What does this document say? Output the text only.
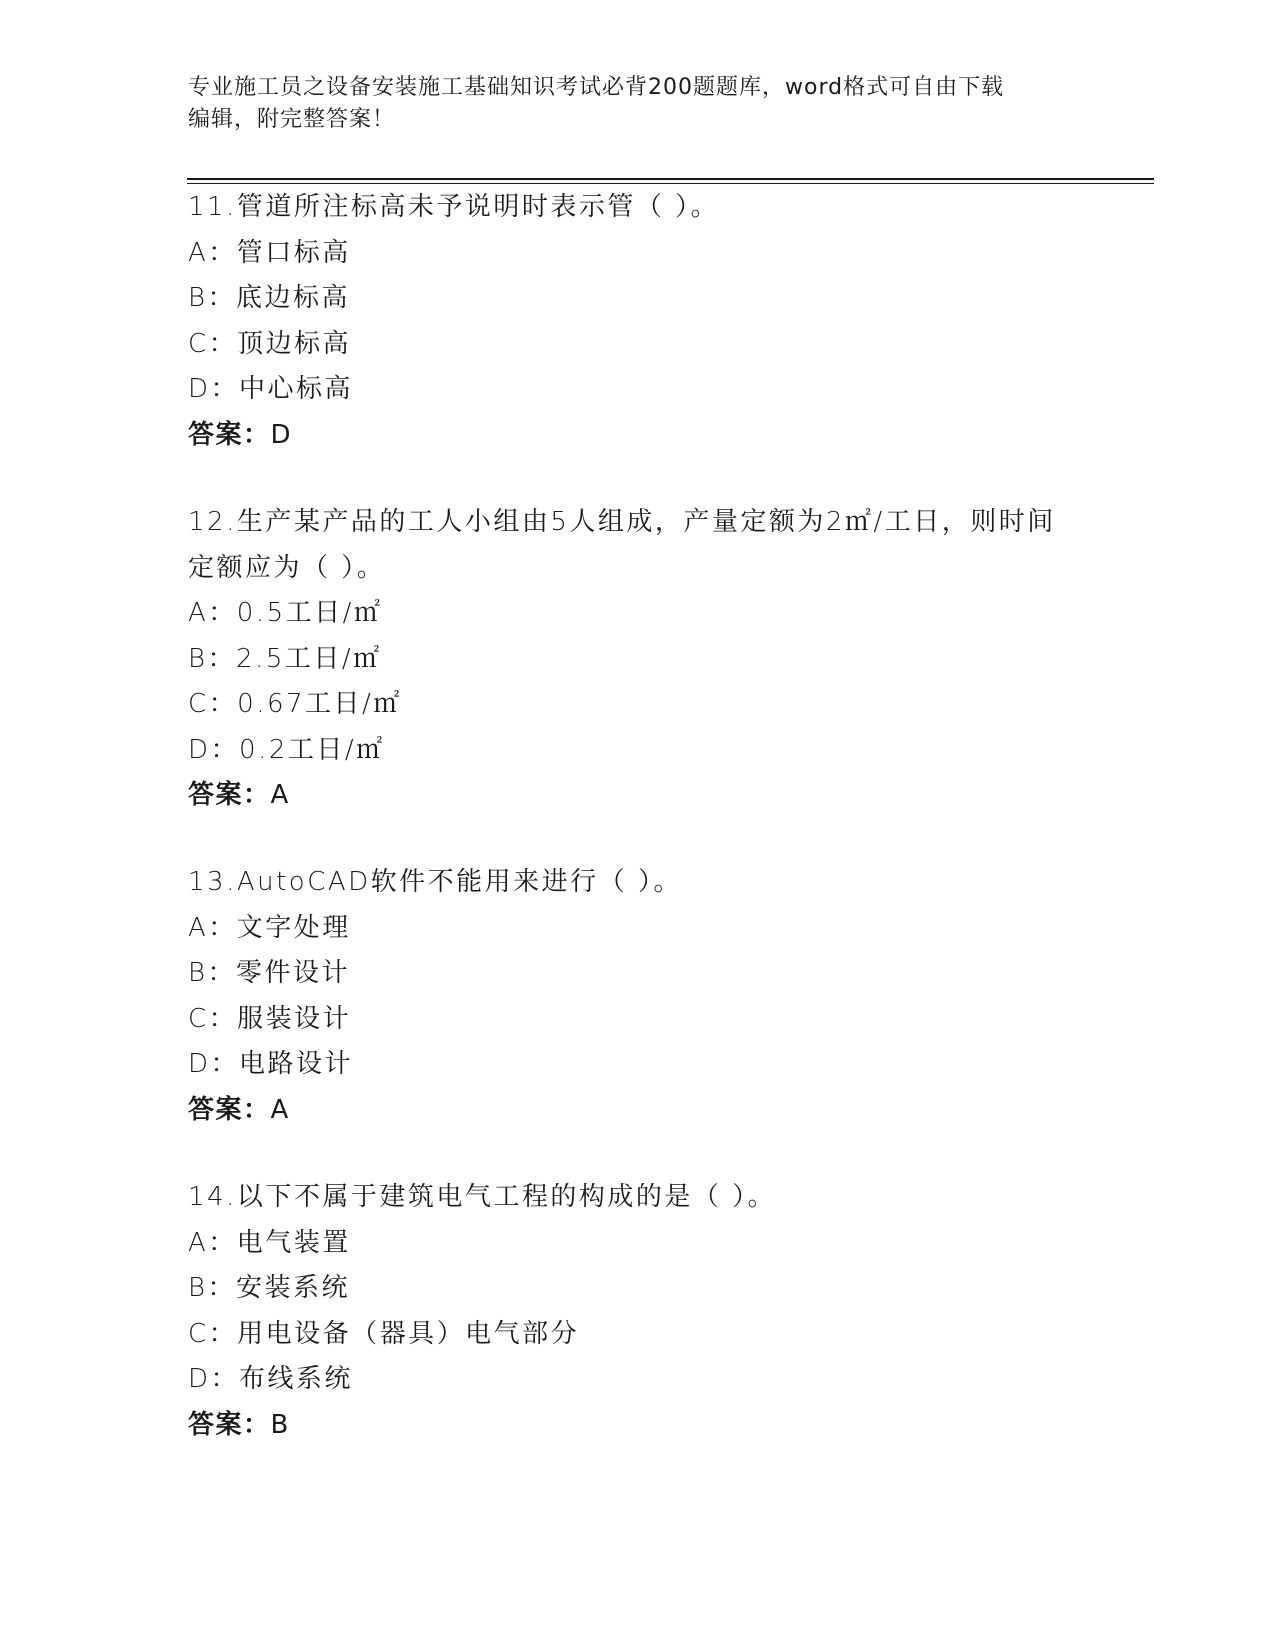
专业施工员之设备安装施工基础知识考试必背200题题库，word格式可自由下载
编辑，附完整答案！
11.管道所注标高未予说明时表示管（ ）。
A：管口标高
B：底边标高
C：顶边标高
D：中心标高
答案：D
12.生产某产品的工人小组由5人组成，产量定额为2㎡/工日，则时间
定额应为（ ）。
A：0.5工日/㎡
B：2.5工日/㎡
C：0.67工日/㎡
D：0.2工日/㎡
答案：A
13.AutoCAD软件不能用来进行（ ）。
A：文字处理
B：零件设计
C：服装设计
D：电路设计
答案：A
14.以下不属于建筑电气工程的构成的是（ ）。
A：电气装置
B：安装系统
C：用电设备（器具）电气部分
D：布线系统
答案：B
